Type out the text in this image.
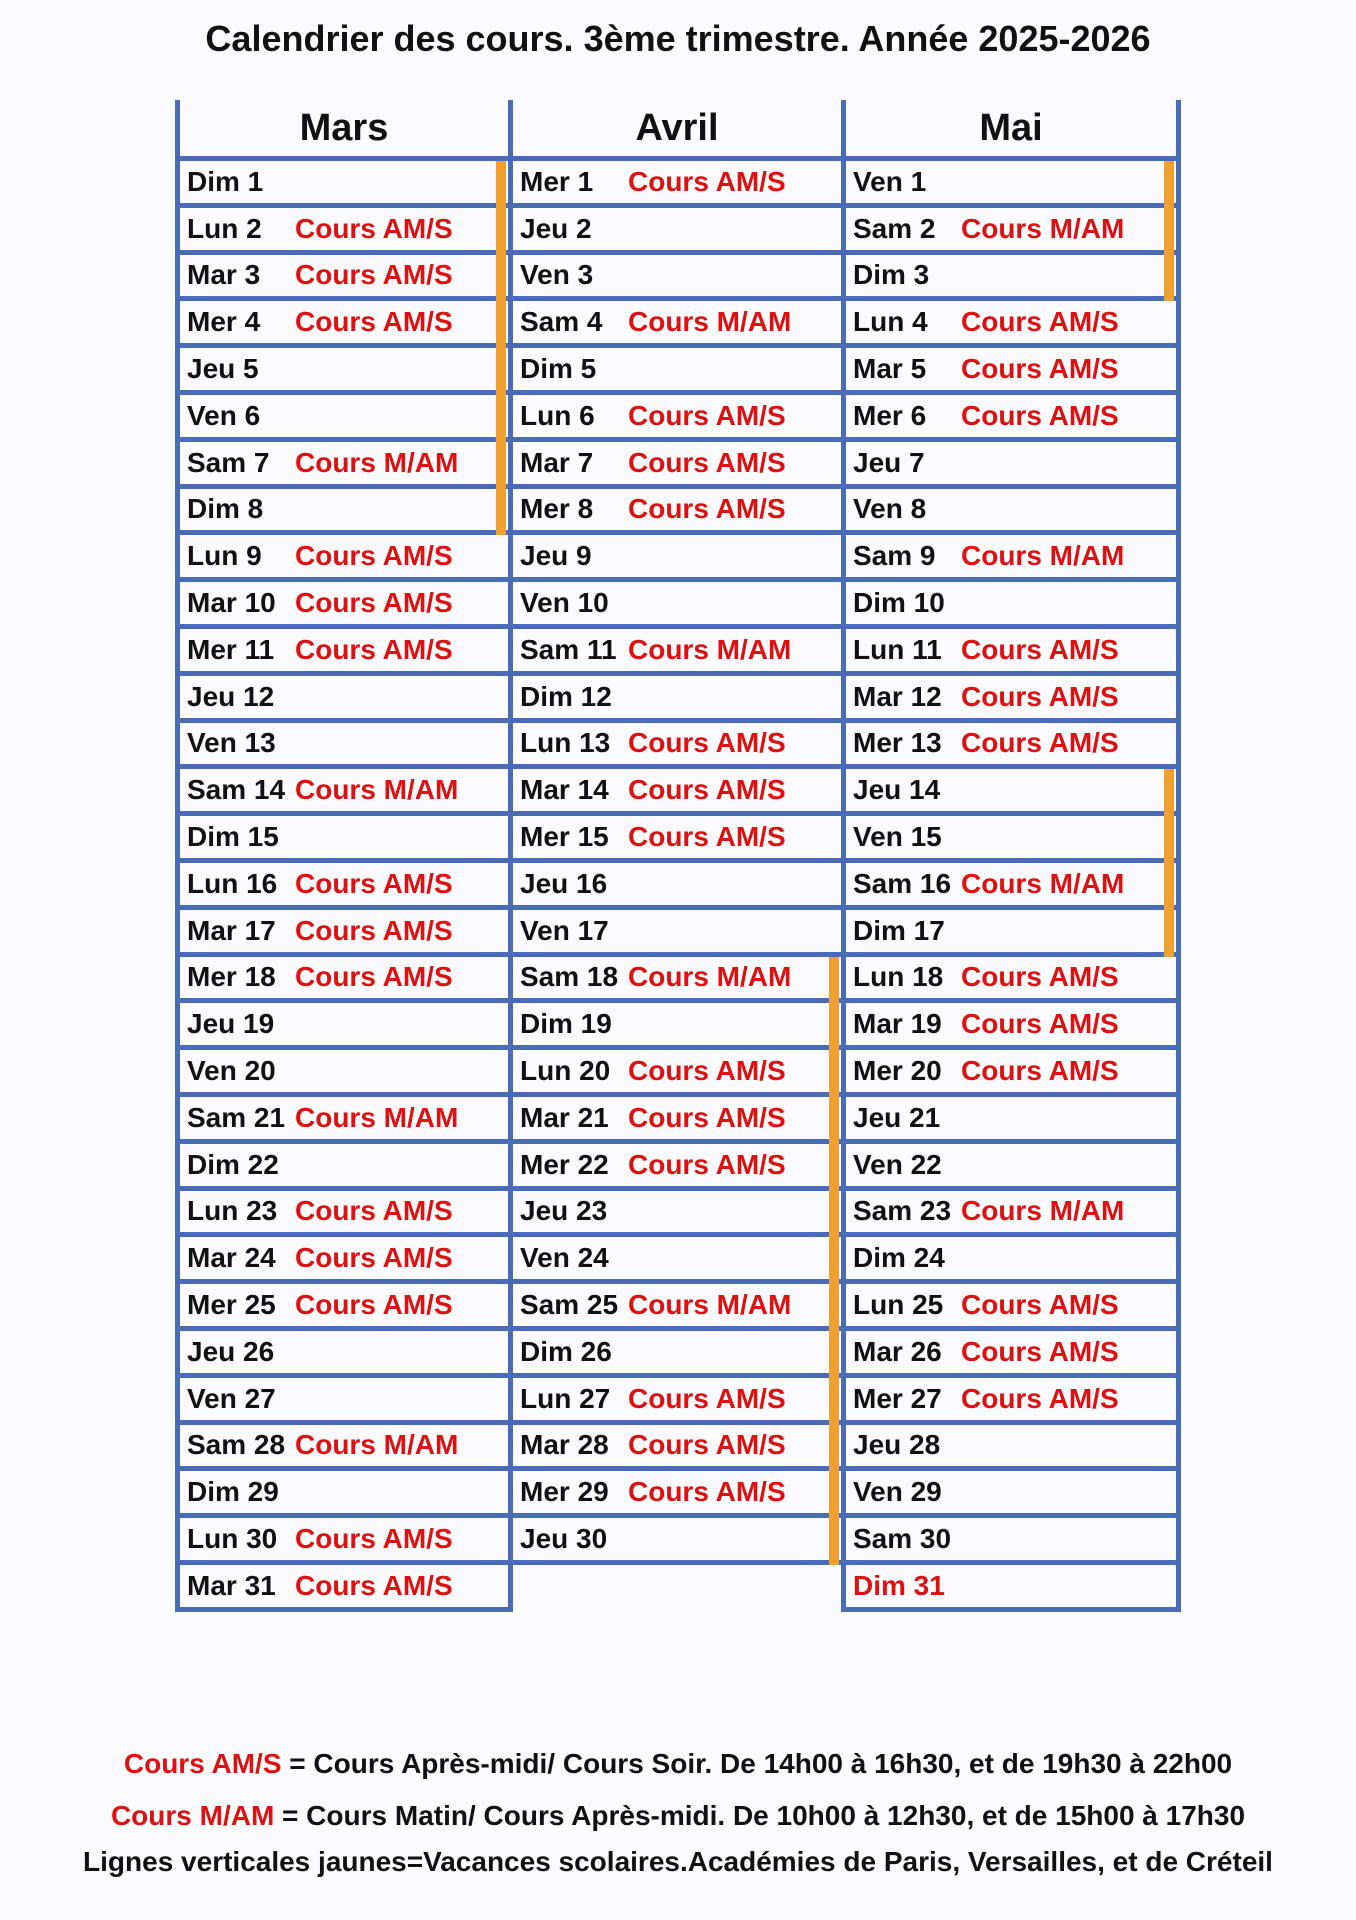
Calendrier des cours. 3ème trimestre. Année 2025-2026
Mars
Dim 1
Lun 2	Cours AM/S
Mar 3	Cours AM/S
Mer 4	Cours AM/S
Jeu 5
Ven 6
Sam 7 Cours M/AM
Dim 8
Lun 9	Cours AM/S
Mar 10 Cours AM/S
Mer 11 Cours AM/S
Jeu 12
Ven 13
Sam 14 Cours M/AM
Dim 15
Lun 16 Cours AM/S
Mar 17 Cours AM/S
Mer 18 Cours AM/S
Jeu 19
Ven 20
Sam 21 Cours M/AM
Dim 22
Lun 23 Cours AM/S
Mar 24 Cours AM/S
Mer 25 Cours AM/S
Jeu 26
Ven 27
Sam 28 Cours M/AM
Dim 29
Lun 30 Cours AM/S
Mar 31 Cours AM/S
Avril
Mer 1	Cours AM/S
Jeu 2
Ven 3
Sam 4 Cours M/AM
Dim 5
Lun 6	Cours AM/S
Mar 7	Cours AM/S
Mer 8	Cours AM/S
Jeu 9
Ven 10
Sam 11 Cours M/AM
Dim 12
Lun 13 Cours AM/S
Mar 14 Cours AM/S
Mer 15 Cours AM/S
Jeu 16
Ven 17
Sam 18 Cours M/AM
Dim 19
Lun 20 Cours AM/S
Mar 21 Cours AM/S
Mer 22 Cours AM/S
Jeu 23
Ven 24
Sam 25 Cours M/AM
Dim 26
Lun 27 Cours AM/S
Mar 28 Cours AM/S
Mer 29 Cours AM/S
Jeu 30
Mai
Ven 1
Sam 2 Cours M/AM
Dim 3
Lun 4	Cours AM/S
Mar 5	Cours AM/S
Mer 6	Cours AM/S
Jeu 7
Ven 8
Sam 9 Cours M/AM
Dim 10
Lun 11 Cours AM/S
Mar 12 Cours AM/S
Mer 13 Cours AM/S
Jeu 14
Ven 15
Sam 16 Cours M/AM
Dim 17
Lun 18 Cours AM/S
Mar 19 Cours AM/S
Mer 20 Cours AM/S
Jeu 21
Ven 22
Sam 23 Cours M/AM
Dim 24
Lun 25 Cours AM/S
Mar 26 Cours AM/S
Mer 27 Cours AM/S
Jeu 28
Ven 29
Sam 30
Dim 31
Cours AM/S = Cours Après-midi/ Cours Soir. De 14h00 à 16h30, et de 19h30 à 22h00
Cours M/AM = Cours Matin/ Cours Après-midi. De 10h00 à 12h30, et de 15h00 à 17h30
Lignes verticales jaunes=Vacances scolaires.Académies de Paris, Versailles, et de Créteil
